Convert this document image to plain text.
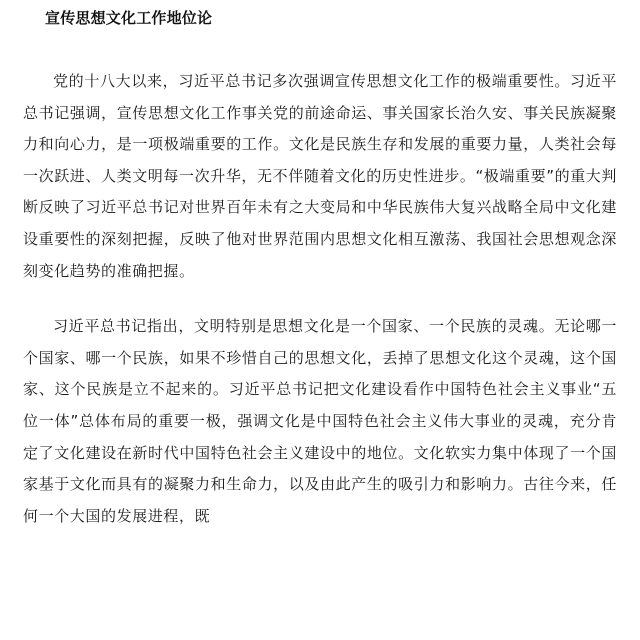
宣传思想文化工作地位论

党的十八大以来，习近平总书记多次强调宣传思想文化工作的极端重要性。习近平总书记强调，宣传思想文化工作事关党的前途命运、事关国家长治久安、事关民族凝聚力和向心力，是一项极端重要的工作。文化是民族生存和发展的重要力量，人类社会每一次跃进、人类文明每一次升华，无不伴随着文化的历史性进步。“极端重要”的重大判断反映了习近平总书记对世界百年未有之大变局和中华民族伟大复兴战略全局中文化建设重要性的深刻把握，反映了他对世界范围内思想文化相互激荡、我国社会思想观念深刻变化趋势的准确把握。

习近平总书记指出，文明特别是思想文化是一个国家、一个民族的灵魂。无论哪一个国家、哪一个民族，如果不珍惜自己的思想文化，丢掉了思想文化这个灵魂，这个国家、这个民族是立不起来的。习近平总书记把文化建设看作中国特色社会主义事业“五位一体”总体布局的重要一极，强调文化是中国特色社会主义伟大事业的灵魂，充分肯定了文化建设在新时代中国特色社会主义建设中的地位。文化软实力集中体现了一个国家基于文化而具有的凝聚力和生命力，以及由此产生的吸引力和影响力。古往今来，任何一个大国的发展进程，既
